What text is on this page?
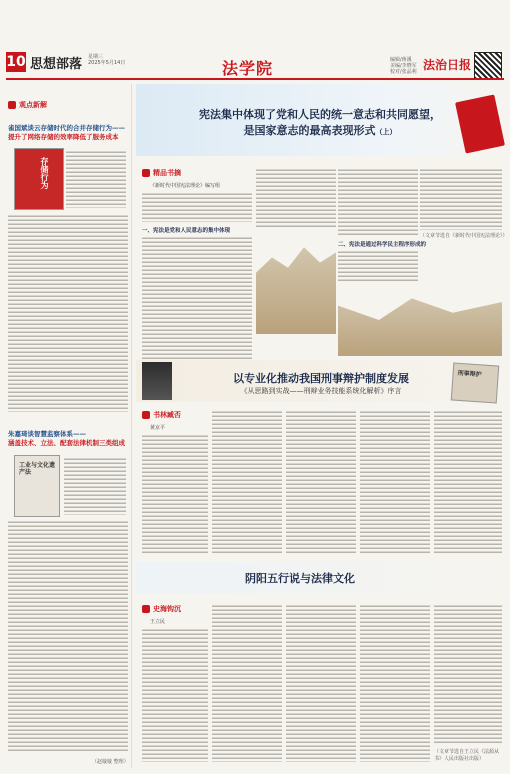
10 思想部落 星期三
2025年5月14日	法学院	编辑/蒋溪
美编/李晓军
校对/张晶利 法治日报
观点新解
雀国斌谈云存储时代的合并存储行为——
提升了网络存储的效率降低了服务成本
存储行为
朱嘉琦谈智慧监察体系——
涵盖技术、立法、配套法律机制三类组成
工业与文化遗产法
（赵璇璇 整理）
宪法集中体现了党和人民的统一意志和共同愿望，
是国家意志的最高表现形式（上）
精品书摘
《新时代中国宪法理论》编写组
一、宪法是党和人民意志的集中体现
二、宪法是通过科学民主程序形成的
（文章节选自《新时代中国宪法理论》）
以专业化推动我国刑事辩护制度发展
《从思路到实战——刑辩业务技能系统化解析》序言
刑事辩护
书林臧否
黄京平
阴阳五行说与法律文化
史海钩沉
王立民
（文章节选自王立民《法源从书》人民出版社出版）
